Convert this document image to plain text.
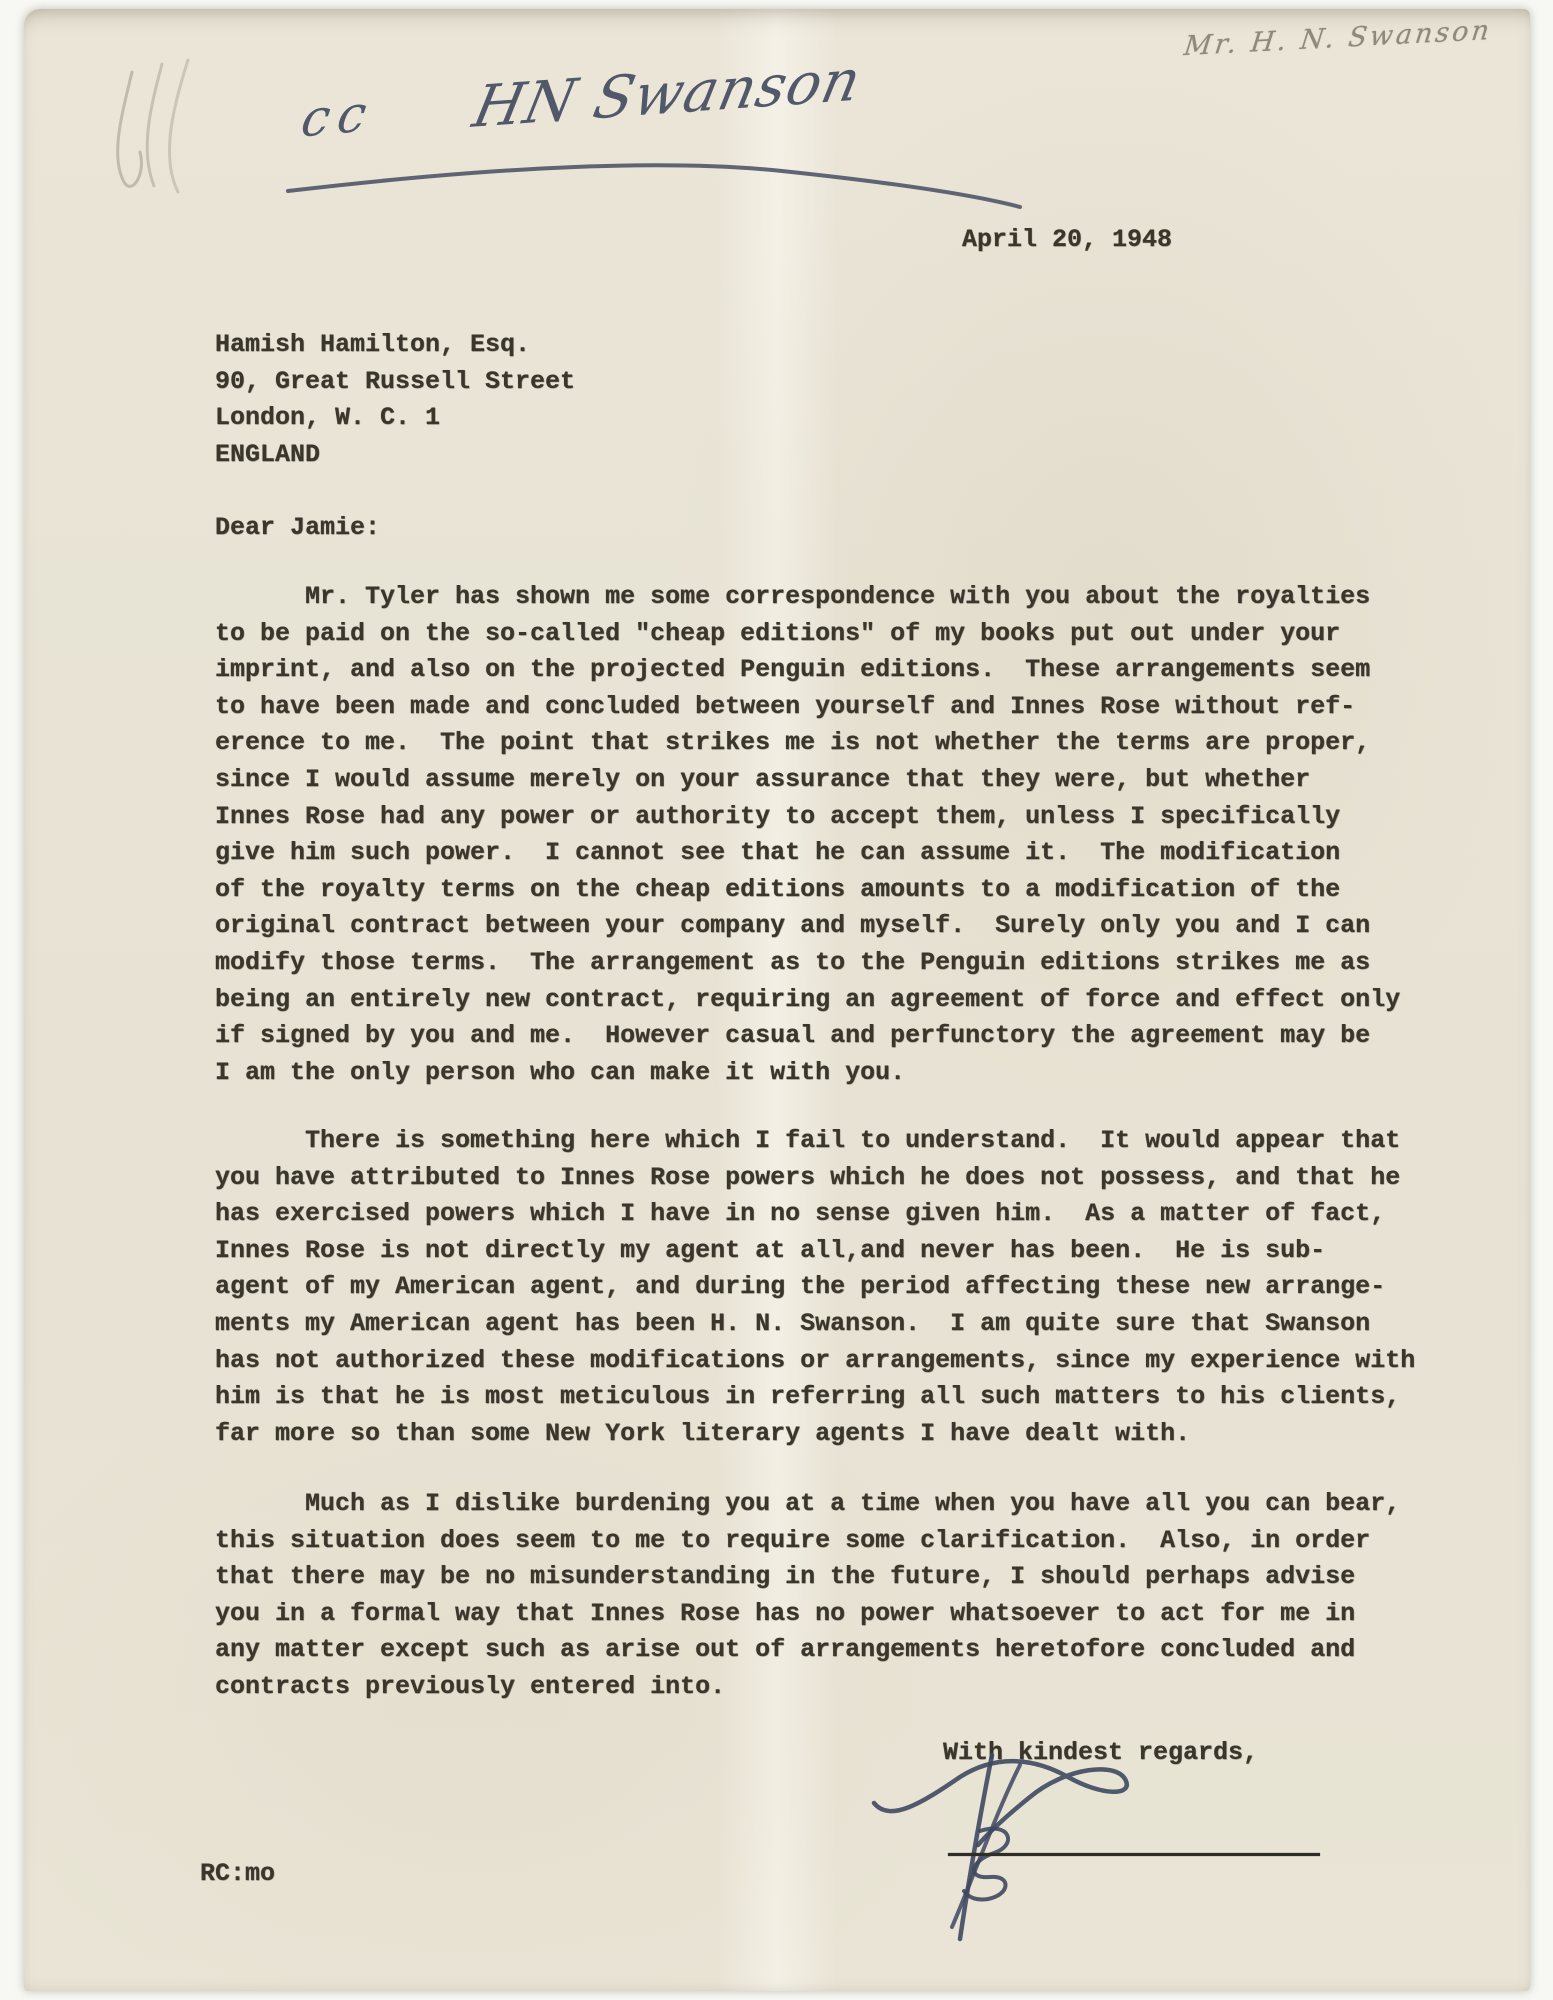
Mr. H. N. Swanson
cc HN Swanson
April 20, 1948
Hamish Hamilton, Esq.
90, Great Russell Street
London, W. C. 1
ENGLAND
Dear Jamie:
Mr. Tyler has shown me some correspondence with you about the royalties
to be paid on the so-called "cheap editions" of my books put out under your
imprint, and also on the projected Penguin editions.  These arrangements seem
to have been made and concluded between yourself and Innes Rose without ref-
erence to me.  The point that strikes me is not whether the terms are proper,
since I would assume merely on your assurance that they were, but whether
Innes Rose had any power or authority to accept them, unless I specifically
give him such power.  I cannot see that he can assume it.  The modification
of the royalty terms on the cheap editions amounts to a modification of the
original contract between your company and myself.  Surely only you and I can
modify those terms.  The arrangement as to the Penguin editions strikes me as
being an entirely new contract, requiring an agreement of force and effect only
if signed by you and me.  However casual and perfunctory the agreement may be
I am the only person who can make it with you.
There is something here which I fail to understand.  It would appear that
you have attributed to Innes Rose powers which he does not possess, and that he
has exercised powers which I have in no sense given him.  As a matter of fact,
Innes Rose is not directly my agent at all,and never has been.  He is sub-
agent of my American agent, and during the period affecting these new arrange-
ments my American agent has been H. N. Swanson.  I am quite sure that Swanson
has not authorized these modifications or arrangements, since my experience with
him is that he is most meticulous in referring all such matters to his clients,
far more so than some New York literary agents I have dealt with.
Much as I dislike burdening you at a time when you have all you can bear,
this situation does seem to me to require some clarification.  Also, in order
that there may be no misunderstanding in the future, I should perhaps advise
you in a formal way that Innes Rose has no power whatsoever to act for me in
any matter except such as arise out of arrangements heretofore concluded and
contracts previously entered into.
With kindest regards,
RC:mo
